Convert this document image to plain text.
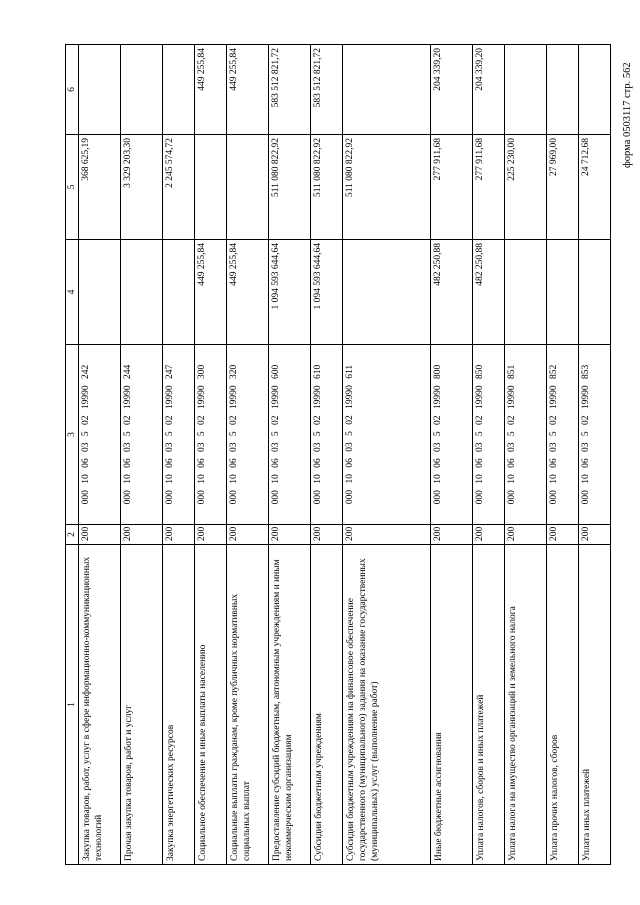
форма 0503117 стр. 562
1	2	3	4	5	6
Закупка товаров, работ, услуг в сфере информационно-коммуникационных технологий	200	000 10 06 03 5 02 19990 242		368 625,19	
Прочая закупка товаров, работ и услуг	200	000 10 06 03 5 02 19990 244		3 329 203,30	
Закупка энергетических ресурсов	200	000 10 06 03 5 02 19990 247		2 245 574,72	
Социальное обеспечение и иные выплаты населению	200	000 10 06 03 5 02 19990 300	449 255,84		449 255,84
Социальные выплаты гражданам, кроме публичных нормативных социальных выплат	200	000 10 06 03 5 02 19990 320	449 255,84		449 255,84
Предоставление субсидий бюджетным, автономным учреждениям и иным некоммерческим организациям	200	000 10 06 03 5 02 19990 600	1 094 593 644,64	511 080 822,92	583 512 821,72
Субсидии бюджетным учреждениям	200	000 10 06 03 5 02 19990 610	1 094 593 644,64	511 080 822,92	583 512 821,72
Субсидии бюджетным учреждениям на финансовое обеспечение государственного (муниципального) задания на оказание государственных (муниципальных) услуг (выполнение работ)	200	000 10 06 03 5 02 19990 611		511 080 822,92	
Иные бюджетные ассигнования	200	000 10 06 03 5 02 19990 800	482 250,88	277 911,68	204 339,20
Уплата налогов, сборов и иных платежей	200	000 10 06 03 5 02 19990 850	482 250,88	277 911,68	204 339,20
Уплата налога на имущество организаций и земельного налога	200	000 10 06 03 5 02 19990 851		225 230,00	
Уплата прочих налогов, сборов	200	000 10 06 03 5 02 19990 852		27 969,00	
Уплата иных платежей	200	000 10 06 03 5 02 19990 853		24 712,68	
